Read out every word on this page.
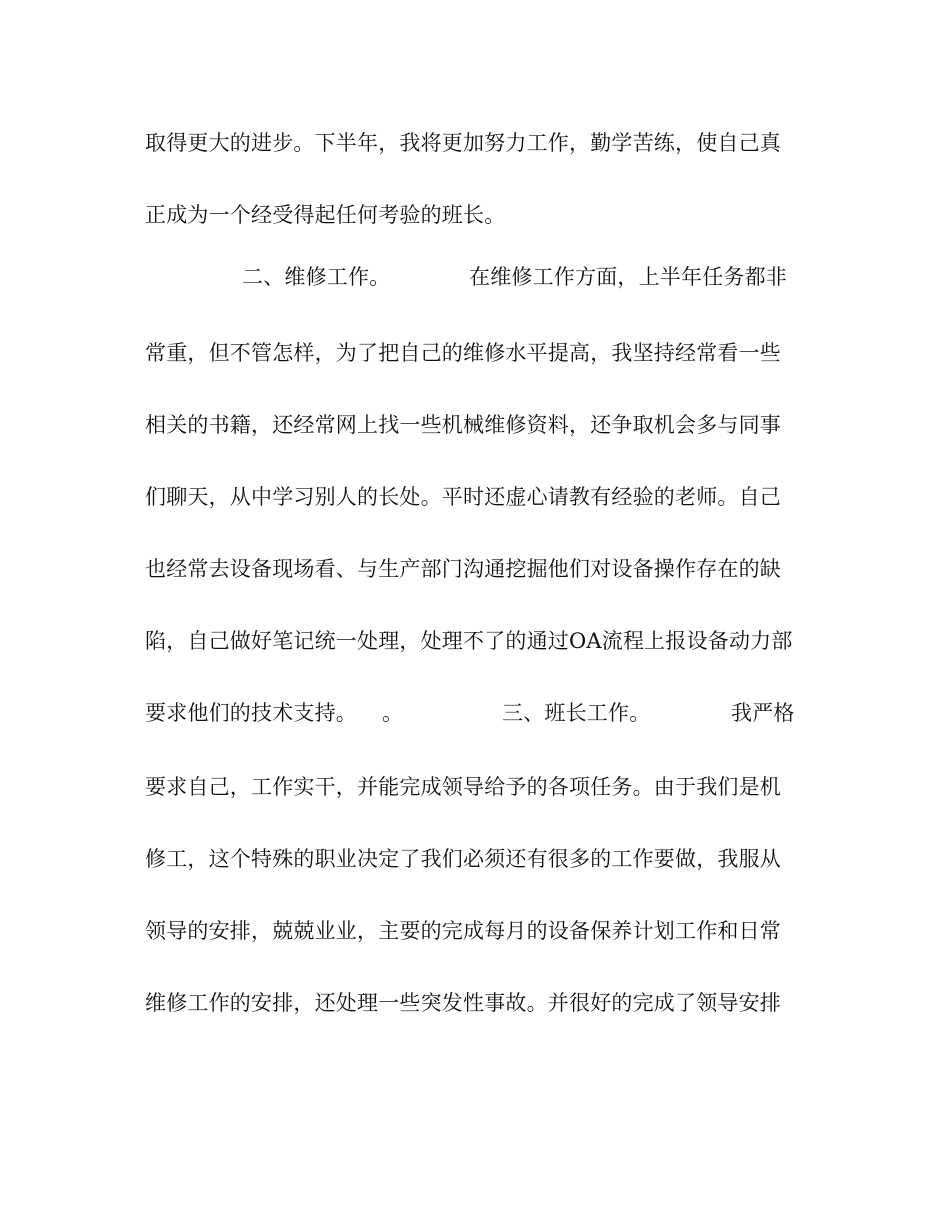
取得更大的进步。下半年，我将更加努力工作，勤学苦练，使自己真
正成为一个经受得起任何考验的班长。

二、维修工作。

	在维修工作方面，上半年任务都非

常重，但不管怎样，为了把自己的维修水平提高，我坚持经常看一些
相关的书籍，还经常网上找一些机械维修资料，还争取机会多与同事
们聊天，从中学习别人的长处。平时还虚心请教有经验的老师。自己
也经常去设备现场看、与生产部门沟通挖掘他们对设备操作存在的缺
陷，自己做好笔记统一处理，处理不了的通过OA流程上报设备动力部

要求他们的技术支持。

。

	三、班长工作。

	我严格

要求自己，工作实干，并能完成领导给予的各项任务。由于我们是机
修工，这个特殊的职业决定了我们必须还有很多的工作要做，我服从
领导的安排，兢兢业业，主要的完成每月的设备保养计划工作和日常
维修工作的安排，还处理一些突发性事故。并很好的完成了领导安排
